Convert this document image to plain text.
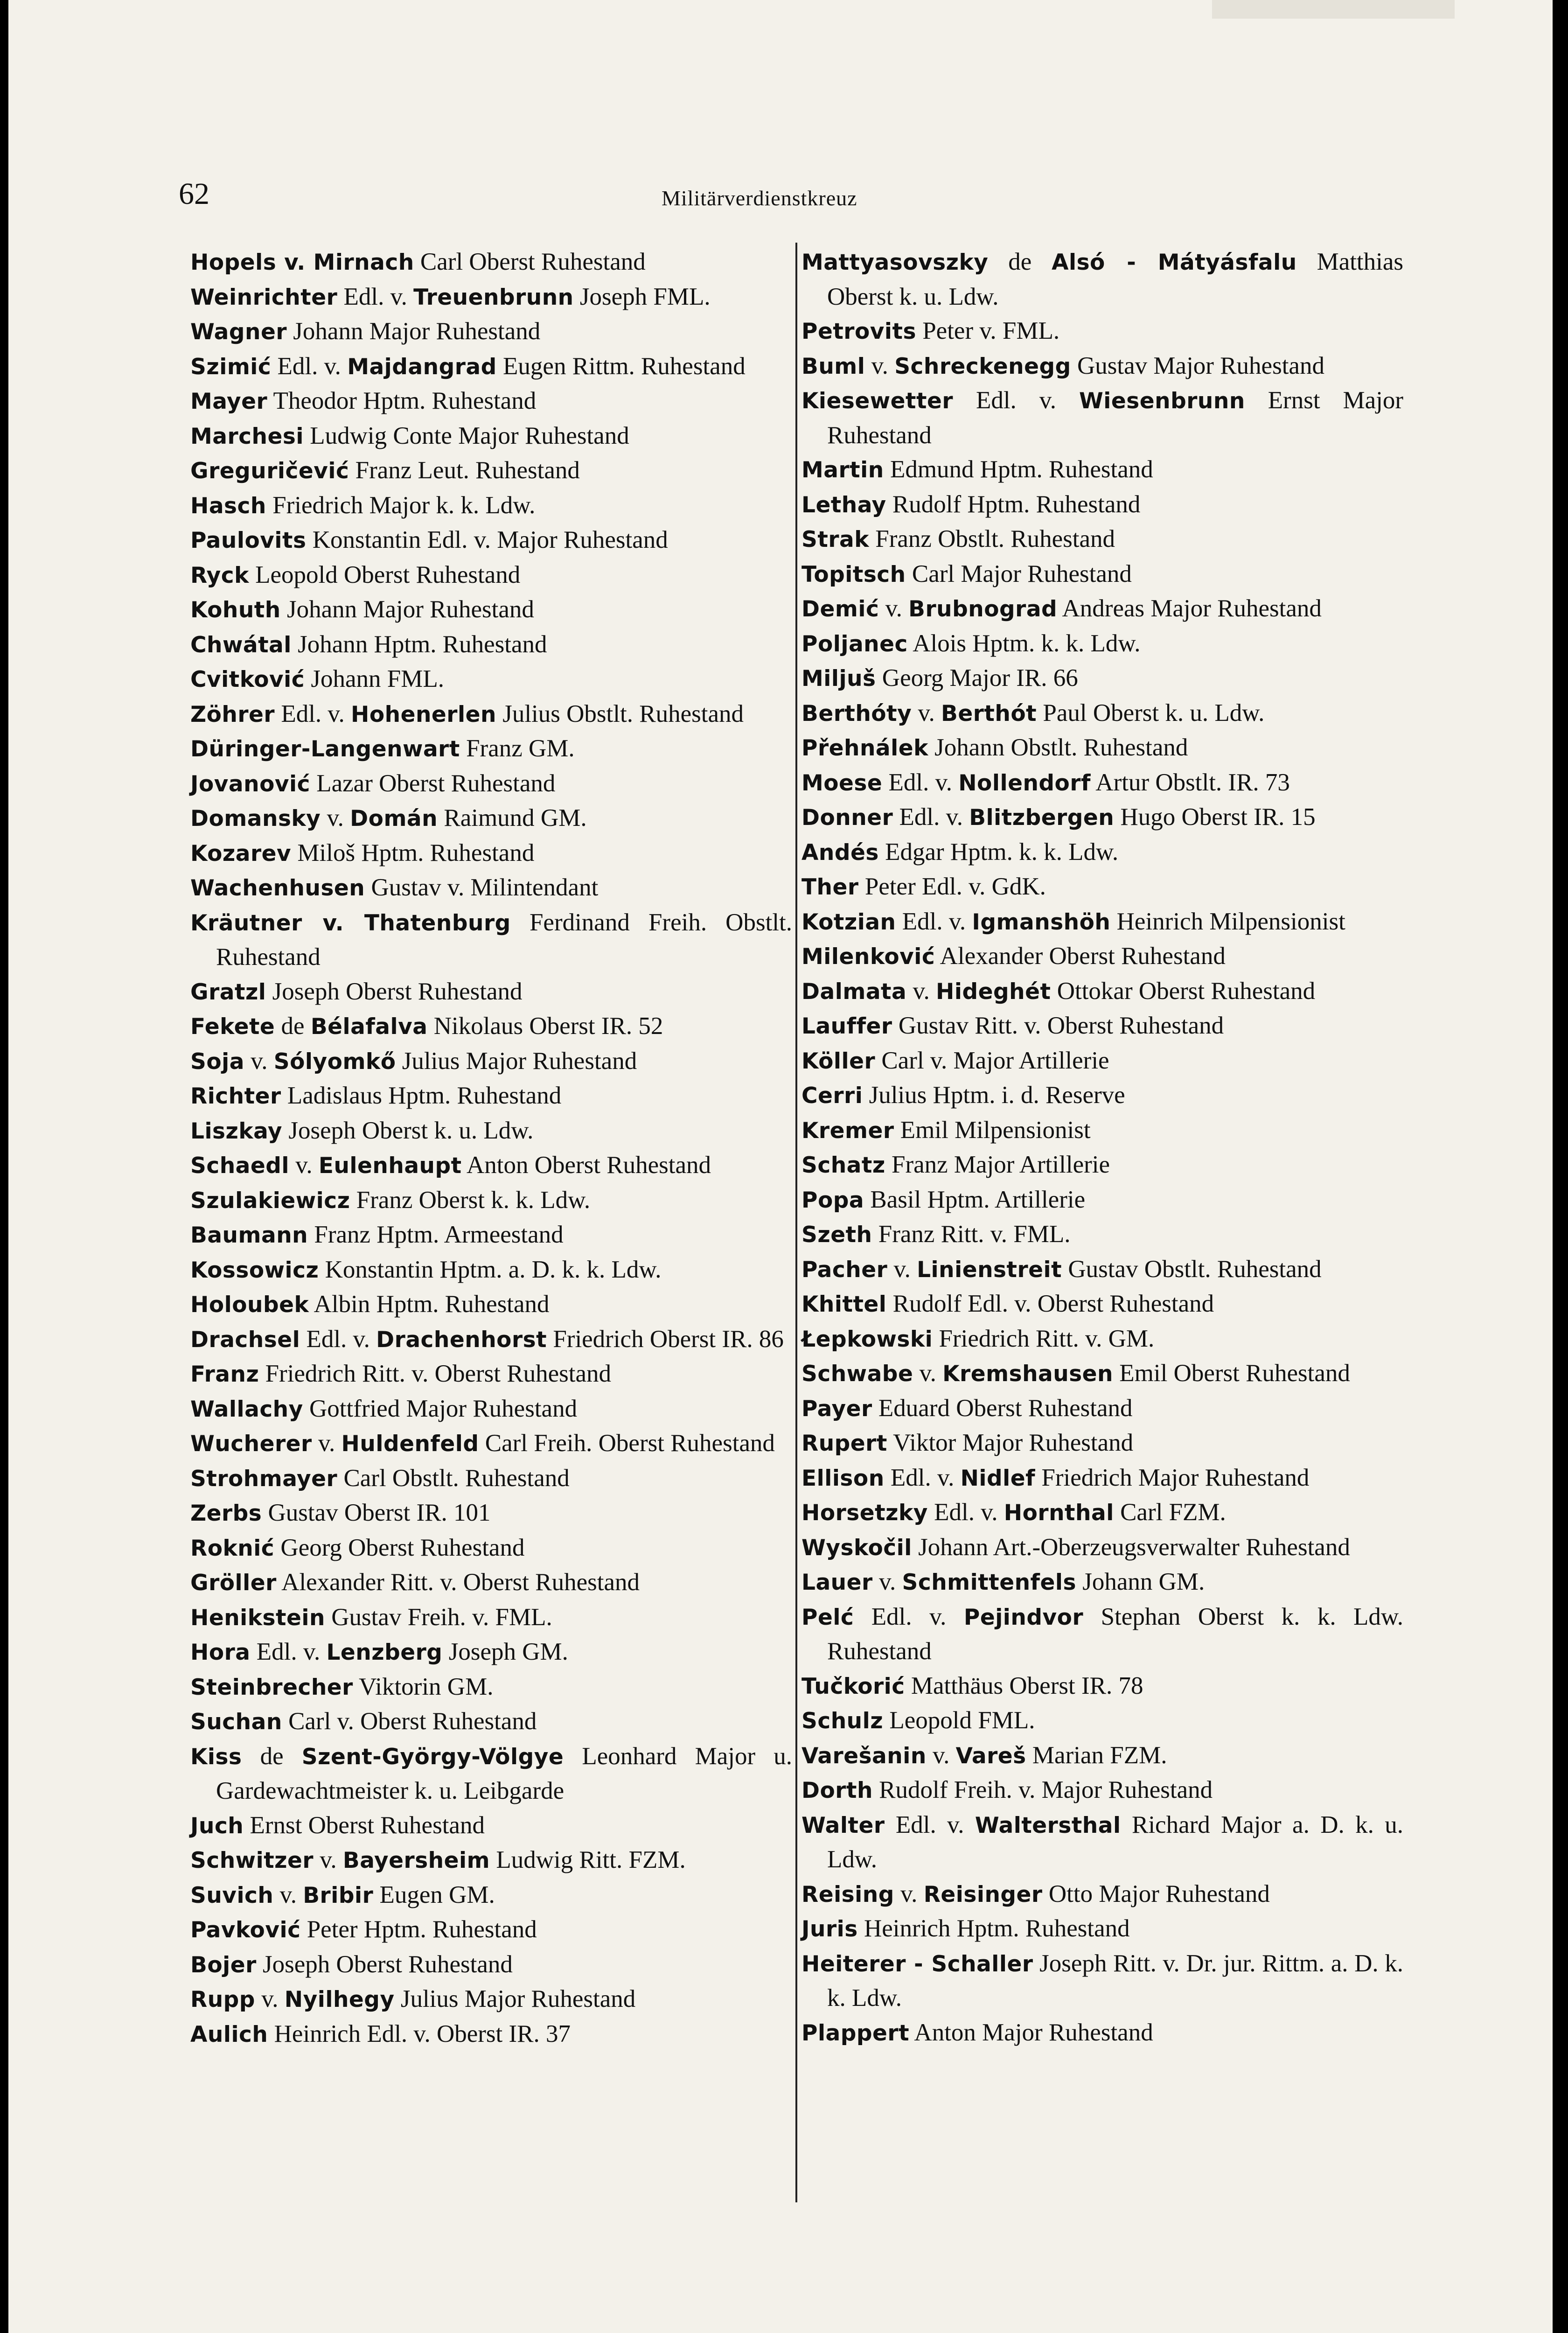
62	Militärverdienstkreuz
Hopels v. Mirnach Carl Oberst Ruhestand
Weinrichter Edl. v. Treuenbrunn Joseph FML.
Wagner Johann Major Ruhestand
Szimić Edl. v. Majdangrad Eugen Rittm. Ruhestand
Mayer Theodor Hptm. Ruhestand
Marchesi Ludwig Conte Major Ruhestand
Greguričević Franz Leut. Ruhestand
Hasch Friedrich Major k. k. Ldw.
Paulovits Konstantin Edl. v. Major Ruhestand
Ryck Leopold Oberst Ruhestand
Kohuth Johann Major Ruhestand
Chwátal Johann Hptm. Ruhestand
Cvitković Johann FML.
Zöhrer Edl. v. Hohenerlen Julius Obstlt. Ruhestand
Düringer-Langenwart Franz GM.
Jovanović Lazar Oberst Ruhestand
Domansky v. Domán Raimund GM.
Kozarev Miloš Hptm. Ruhestand
Wachenhusen Gustav v. Milintendant
Kräutner v. Thatenburg Ferdinand Freih. Obstlt. Ruhestand
Gratzl Joseph Oberst Ruhestand
Fekete de Bélafalva Nikolaus Oberst IR. 52
Soja v. Sólyomkő Julius Major Ruhestand
Richter Ladislaus Hptm. Ruhestand
Liszkay Joseph Oberst k. u. Ldw.
Schaedl v. Eulenhaupt Anton Oberst Ruhestand
Szulakiewicz Franz Oberst k. k. Ldw.
Baumann Franz Hptm. Armeestand
Kossowicz Konstantin Hptm. a. D. k. k. Ldw.
Holoubek Albin Hptm. Ruhestand
Drachsel Edl. v. Drachenhorst Friedrich Oberst IR. 86
Franz Friedrich Ritt. v. Oberst Ruhestand
Wallachy Gottfried Major Ruhestand
Wucherer v. Huldenfeld Carl Freih. Oberst Ruhestand
Strohmayer Carl Obstlt. Ruhestand
Zerbs Gustav Oberst IR. 101
Roknić Georg Oberst Ruhestand
Gröller Alexander Ritt. v. Oberst Ruhestand
Henikstein Gustav Freih. v. FML.
Hora Edl. v. Lenzberg Joseph GM.
Steinbrecher Viktorin GM.
Suchan Carl v. Oberst Ruhestand
Kiss de Szent-György-Völgye Leonhard Major u. Gardewachtmeister k. u. Leibgarde
Juch Ernst Oberst Ruhestand
Schwitzer v. Bayersheim Ludwig Ritt. FZM.
Suvich v. Bribir Eugen GM.
Pavković Peter Hptm. Ruhestand
Bojer Joseph Oberst Ruhestand
Rupp v. Nyilhegy Julius Major Ruhestand
Aulich Heinrich Edl. v. Oberst IR. 37
Mattyasovszky de Alsó - Mátyásfalu Matthias Oberst k. u. Ldw.
Petrovits Peter v. FML.
Buml v. Schreckenegg Gustav Major Ruhestand
Kiesewetter Edl. v. Wiesenbrunn Ernst Major Ruhestand
Martin Edmund Hptm. Ruhestand
Lethay Rudolf Hptm. Ruhestand
Strak Franz Obstlt. Ruhestand
Topitsch Carl Major Ruhestand
Demić v. Brubnograd Andreas Major Ruhestand
Poljanec Alois Hptm. k. k. Ldw.
Miljuš Georg Major IR. 66
Berthóty v. Berthót Paul Oberst k. u. Ldw.
Přehnálek Johann Obstlt. Ruhestand
Moese Edl. v. Nollendorf Artur Obstlt. IR. 73
Donner Edl. v. Blitzbergen Hugo Oberst IR. 15
Andés Edgar Hptm. k. k. Ldw.
Ther Peter Edl. v. GdK.
Kotzian Edl. v. Igmanshöh Heinrich Milpensionist
Milenković Alexander Oberst Ruhestand
Dalmata v. Hideghét Ottokar Oberst Ruhestand
Lauffer Gustav Ritt. v. Oberst Ruhestand
Köller Carl v. Major Artillerie
Cerri Julius Hptm. i. d. Reserve
Kremer Emil Milpensionist
Schatz Franz Major Artillerie
Popa Basil Hptm. Artillerie
Szeth Franz Ritt. v. FML.
Pacher v. Linienstreit Gustav Obstlt. Ruhestand
Khittel Rudolf Edl. v. Oberst Ruhestand
Łepkowski Friedrich Ritt. v. GM.
Schwabe v. Kremshausen Emil Oberst Ruhestand
Payer Eduard Oberst Ruhestand
Rupert Viktor Major Ruhestand
Ellison Edl. v. Nidlef Friedrich Major Ruhestand
Horsetzky Edl. v. Hornthal Carl FZM.
Wyskočil Johann Art.-Oberzeugsverwalter Ruhestand
Lauer v. Schmittenfels Johann GM.
Pelć Edl. v. Pejindvor Stephan Oberst k. k. Ldw. Ruhestand
Tučkorić Matthäus Oberst IR. 78
Schulz Leopold FML.
Varešanin v. Vareš Marian FZM.
Dorth Rudolf Freih. v. Major Ruhestand
Walter Edl. v. Waltersthal Richard Major a. D. k. u. Ldw.
Reising v. Reisinger Otto Major Ruhestand
Juris Heinrich Hptm. Ruhestand
Heiterer - Schaller Joseph Ritt. v. Dr. jur. Rittm. a. D. k. k. Ldw.
Plappert Anton Major Ruhestand
